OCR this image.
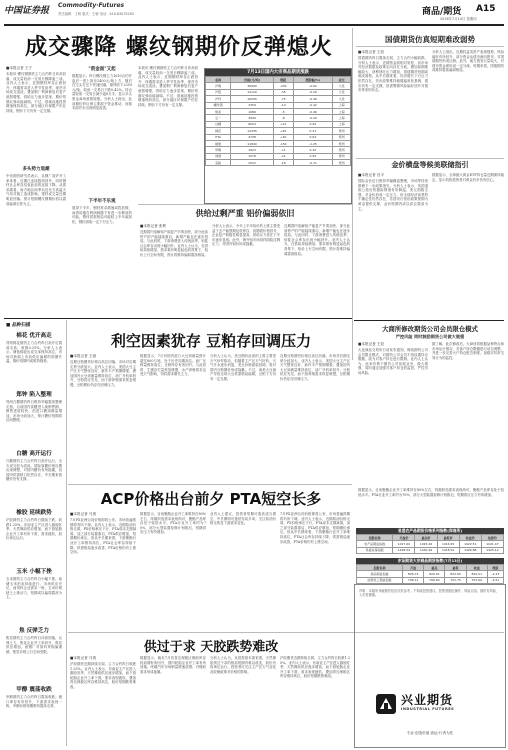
中国证券报
Commodity·Futures
责任编辑：王明 版式：王敏 电话：010-63070285	商品/期货 A15
2016年7月14日 星期四
成交骤降 螺纹钢期价反弹熄火	国债期货仿真短期难改弱势
■本报记者 王姣
国债期货昨日震荡走弱，主力合约小幅收跌。分析人士表示，近期资金面相对宽松，但市场对经济数据及政策走向存在分歧，叠加前期涨幅较大，获利回吐压力增加，国债期货短期或难改弱势。从中长期来看，经济增长下行压力依然存在，货币政策维持稳健偏宽松基调，债市仍有一定支撑，但需警惕风险偏好回升对债市带来的冲击。
分析人士指出，近期权益类资产表现强势，风险偏好有所回升，部分资金从债市流向股市，对国债期货形成压制。此外，地方债发行量较大，对债市资金面形成一定分流。短期来看，国债期货或维持震荡偏弱格局。
金价横盘等候美联储指引
■本报记者 官平
国际金价近日维持窄幅横盘整理，市场等待美联储下一步政策指引。分析人士表示，英国退欧公投后的避险情绪有所降温，美元指数走强，对金价形成一定压力，但全球经济前景的不确定性仍然存在，各国央行宽松政策预期为黄金提供支撑，金价短期内或以高位震荡为主。
数据显示，全球最大黄金ETF持仓量近期保持稳定，显示机构投资者对黄金后市仍有信心。
■本报记者 王宁
本报讯 螺纹钢期货主力合约昨日冲高回落，成交量较前一交易日骤降逾三成。业内人士表示，近期钢材库存止跌回升，终端需求进入季节性淡季，现货市场成交清淡，叠加钢厂利润修复后复产意愿增强，供给压力逐步显现，期价短期反弹动能减弱。不过，基础设施投资增速保持高位，部分地区环保限产仍在持续，钢价下方仍有一定支撑。
多头势力退潮
中信期货研究员表示，从钢厂高炉开工率来看，近期已连续数周回升，同时钢材社会库存结束此前的连续下降。从需求端看，南方地区雨季以及北方高温天气均对施工造成影响，建材成交量近期明显回落。预计短期螺纹钢期价将以震荡偏弱走势为主。
"资金面"又起
数据显示，昨日螺纹钢主力1610合约开盘后一度上探至2400元/吨上方，随后在空头打压下快速回落，最终收于2359元/吨，较前一交易日下跌0.42%。持仓量较前一交易日减少逾8万手，显示多头资金离场意愿较强。分析人士指出，此前期价的反弹主要源于资金推动，而基本面并未出现明显改善。
下半年不乐观
展望下半年，钢材需求增速或将放缓，而供给端在利润刺激下有进一步释放的可能，整体供需格局可能较上半年偏宽松，钢价面临一定下行压力。
本报讯 螺纹钢期货主力合约昨日冲高回落，成交量较前一交易日骤降逾三成。业内人士表示，近期钢材库存止跌回升，终端需求进入季节性淡季，现货市场成交清淡，叠加钢厂利润修复后复产意愿增强，供给压力逐步显现，期价短期反弹动能减弱。不过，基础设施投资增速保持高位，部分地区环保限产仍在持续，钢价下方仍有一定支撑。
7月13日国内大宗商品期货涨跌
名称	价格(元/吨)	涨跌	涨跌幅(%)	成交
沪铜	36990	-230	-0.62	大连
沪铝	12110	-35	-0.29	大连
沪锌	16205	-75	-0.46	大连
螺纹钢	2359	-10	-0.42	上海
焦炭	1080	-5	-0.46	上海
豆一	3940	-8	-0.20	上海
白糖	6003	+12	0.20	上海
棉花	14335	+45	0.31	郑州
PTA	4738	+30	0.64	郑州
橡胶	11840	-150	-1.25	郑州
甲醇	1923	+2	0.10	郑州
玻璃	1076	+6	0.56	郑州
菜粕	2522	-18	-0.71	郑州
供给过剩严重 铝价偏弱依旧
■本报记者 张利
近期国内电解铝产能复产节奏加快，部分此前停产的产能陆续重启，新增产能也在逐步投放。与此同时，下游消费进入传统淡季，铝锭社会库存出现小幅回升。业内人士认为，在供给持续增加、需求难有明显起色的背景下，铝价上行空间有限，预计将维持偏弱震荡格局。
分析人士表示，今年上半年铝价的上涨主要受益于去产能预期及低库存，但随着价格回升，企业复产积极性明显提高，供给压力将在下半年逐步显现。此外，海外铝市场同样面临过剩压力，对国内铝价形成拖累。
近期国内电解铝产能复产节奏加快，部分此前停产的产能陆续重启，新增产能也在逐步投放。与此同时，下游消费进入传统淡季，铝锭社会库存出现小幅回升。业内人士认为，在供给持续增加、需求难有明显起色的背景下，铝价上行空间有限，预计将维持偏弱震荡格局。
■ 品种扫描
棉花 优开高走
郑州棉花期货主力合约昨日高开后震荡走高，收涨0.31%。分析人士表示，储备棉轮出成交率保持高位，市场对新棉上市前供应偏紧的预期升温，棉价短期内或维持强势。
郑钟 陷入整理
郑州白糖期货昨日维持窄幅震荡整理走势。目前国内食糖进入纯销售期，销售进度较快，但进口糖到港量增加，市场分歧加大，预计糖价短期将区间整理。
白糖 高开运行
白糖期货主力合约昨日高开运行，全天成交较为清淡。国际原糖价格近期出现调整，对国内糖价有所拖累，但国内供需缺口依然存在，中长期来看糖价仍有支撑。
橡胶 延续跌势
沪胶期货主力合约昨日继续下跌，收跌1.25%。东南亚主产区进入割胶旺季，天然橡胶供应增加，而下游轮胎企业开工率有所下滑，需求疲软，胶价承压运行。
玉米 小幅下挫
玉米期货主力合约昨日小幅下挫。临储玉米拍卖持续进行，市场供应充足，而饲料企业需求一般，玉米价格缺乏上涨动力，短期或以偏弱震荡为主。
焦 反弹乏力
焦炭期货主力合约昨日冲高回落，反弹乏力。焦化企业开工率回升，焦炭供应增加，而钢厂对原料采购偏谨慎，焦炭价格上行空间受限。
甲醇 震荡收跌
甲醇期货主力合约昨日震荡收跌。港口库存有所回升，下游需求表现一般，甲醇价格短期维持震荡走势。
利空因素犹存 豆粕存回调压力
■本报记者 王丽
近期豆粕期货价格自高位回落，市场对后期走势分歧加大。业内人士表示，美国大豆主产区天气整体良好，新作丰产预期增强，叠加国内大豆到港量维持高位，油厂开机率回升，豆粕供应充足，而下游养殖需求恢复缓慢，豆粕期价仍存在回调压力。
数据显示，7月份国内进口大豆到港量预计超过800万吨，处于历史同期高位。油厂压榨量维持高位，豆粕库存有所回升。与此同时，生猪存栏量恢复缓慢，水产养殖需求也受天气影响，饲料需求增长乏力。
分析人士认为，美豆期价此前的上涨主要受天气炒作推动，但随着主产区天气好转，天气升水逐步消退，美豆价格面临回调，将对国内豆粕期价形成拖累。不过，南美大豆减产导致全球大豆供需格局偏紧，豆粕下方仍有一定支撑。
近期豆粕期货价格自高位回落，市场对后期走势分歧加大。业内人士表示，美国大豆主产区天气整体良好，新作丰产预期增强，叠加国内大豆到港量维持高位，油厂开机率回升，豆粕供应充足，而下游养殖需求恢复缓慢，豆粕期价仍存在回调压力。
大商所修改期货公司会员限仓模式
严控风险 同时鼓励期货公司做大做强
■本报记者 王姣
大连商品交易所日前发布通知，修改期货公司会员限仓模式，对期货公司会员不再设置持仓限额，改为对客户持仓进行限制。业内人士认为，此举有利于期货公司拓展业务，做大做强，同时通过加强对客户持仓的监管，严控市场风险。
据了解，此次修改后，大商所将根据品种特点和市场运行情况，对客户持仓限额进行动态调整，并进一步完善大户持仓报告制度，加强对异常交易行为的监控。
ACP价格出台前夕 PTA短空长多
■本报记者 马爽
7月PX亚洲合同价格即将公布，市场普遍预期将有所下调。业内人士表示，近期原油价格走弱，PX价格承压下行，PTA成本支撑减弱，加之部分装置重启，PTA供应增加，短期期价承压。但从中长期来看，下游聚酯行业开工率维持高位，PTA社会库存持续下降，供需格局逐步改善，PTA价格仍有上涨空间。
数据显示，目前聚酯企业开工率维持在80%左右，终端织造需求表现尚可，聚酯产品库存处于较低水平。PTA行业开工率约为70%，部分大型装置检修计划推迟，短期供应压力有所增加。
业内人士建议，投资者短期可逢高适当做空，中长期则可逢低布局多单，关注原油价格走势及下游需求变化。
7月PX亚洲合同价格即将公布，市场普遍预期将有所下调。业内人士表示，近期原油价格走弱，PX价格承压下行，PTA成本支撑减弱，加之部分装置重启，PTA供应增加，短期期价承压。但从中长期来看，下游聚酯行业开工率维持高位，PTA社会库存持续下降，供需格局逐步改善，PTA价格仍有上涨空间。
数据显示，目前聚酯企业开工率维持在80%左右，终端织造需求表现尚可，聚酯产品库存处于较低水平。PTA行业开工率约为70%，部分大型装置检修计划推迟，短期供应压力有所增加。
易盛农产品期货价格系列指数(郑商所)
指数名称	开盘价	最高价	最低价	收盘价	结算价
农产品期货指数	1017.60	1025.26	1016.55	1022.51	1021.47
易盛农基指数	1428.54	1430.49	1418.52	1426.88	1425.12
东证期货大宗商品期货指数(7月13日)
指数名称	开盘	最高	最低	收盘	涨跌
商品期货指数	826.74	829.91	822.60	824.51	-2.23
能源化工期货指数	706.11	708.84	701.75	703.60	-2.51
供过于求 天胶跌势难改
■本报记者 马爽
沪胶期货近期持续走弱，主力合约昨日收跌1.25%。业内人士表示，东南亚主产区进入割胶旺季，天然橡胶供应逐步增加，而下游轮胎企业开工率下滑，需求表现疲软，叠加青岛保税区库存维持高位，胶价短期跌势难改。
数据显示，截至7月初青岛保税区橡胶库存较前期有所回升，国内轮胎企业开工率有所回落，终端汽车市场销量增速放缓，对橡胶需求形成拖累。
分析人士认为，从供需基本面来看，天然橡胶供过于求的格局短期内难以改变，胶价仍将承压运行。投资者可关注主产区天气变化及收储政策对价格的影响。
沪胶期货近期持续走弱，主力合约昨日收跌1.25%。业内人士表示，东南亚主产区进入割胶旺季，天然橡胶供应逐步增加，而下游轮胎企业开工率下滑，需求表现疲软，叠加青岛保税区库存维持高位，胶价短期跌势难改。
声明：本版所刊载期货信息仅供参考，不构成投资建议。投资者据此操作，风险自担。期市有风险，入市需谨慎。
兴业期货
INDUSTRIAL FUTURES
专业·创造价值 致远·行者为先
